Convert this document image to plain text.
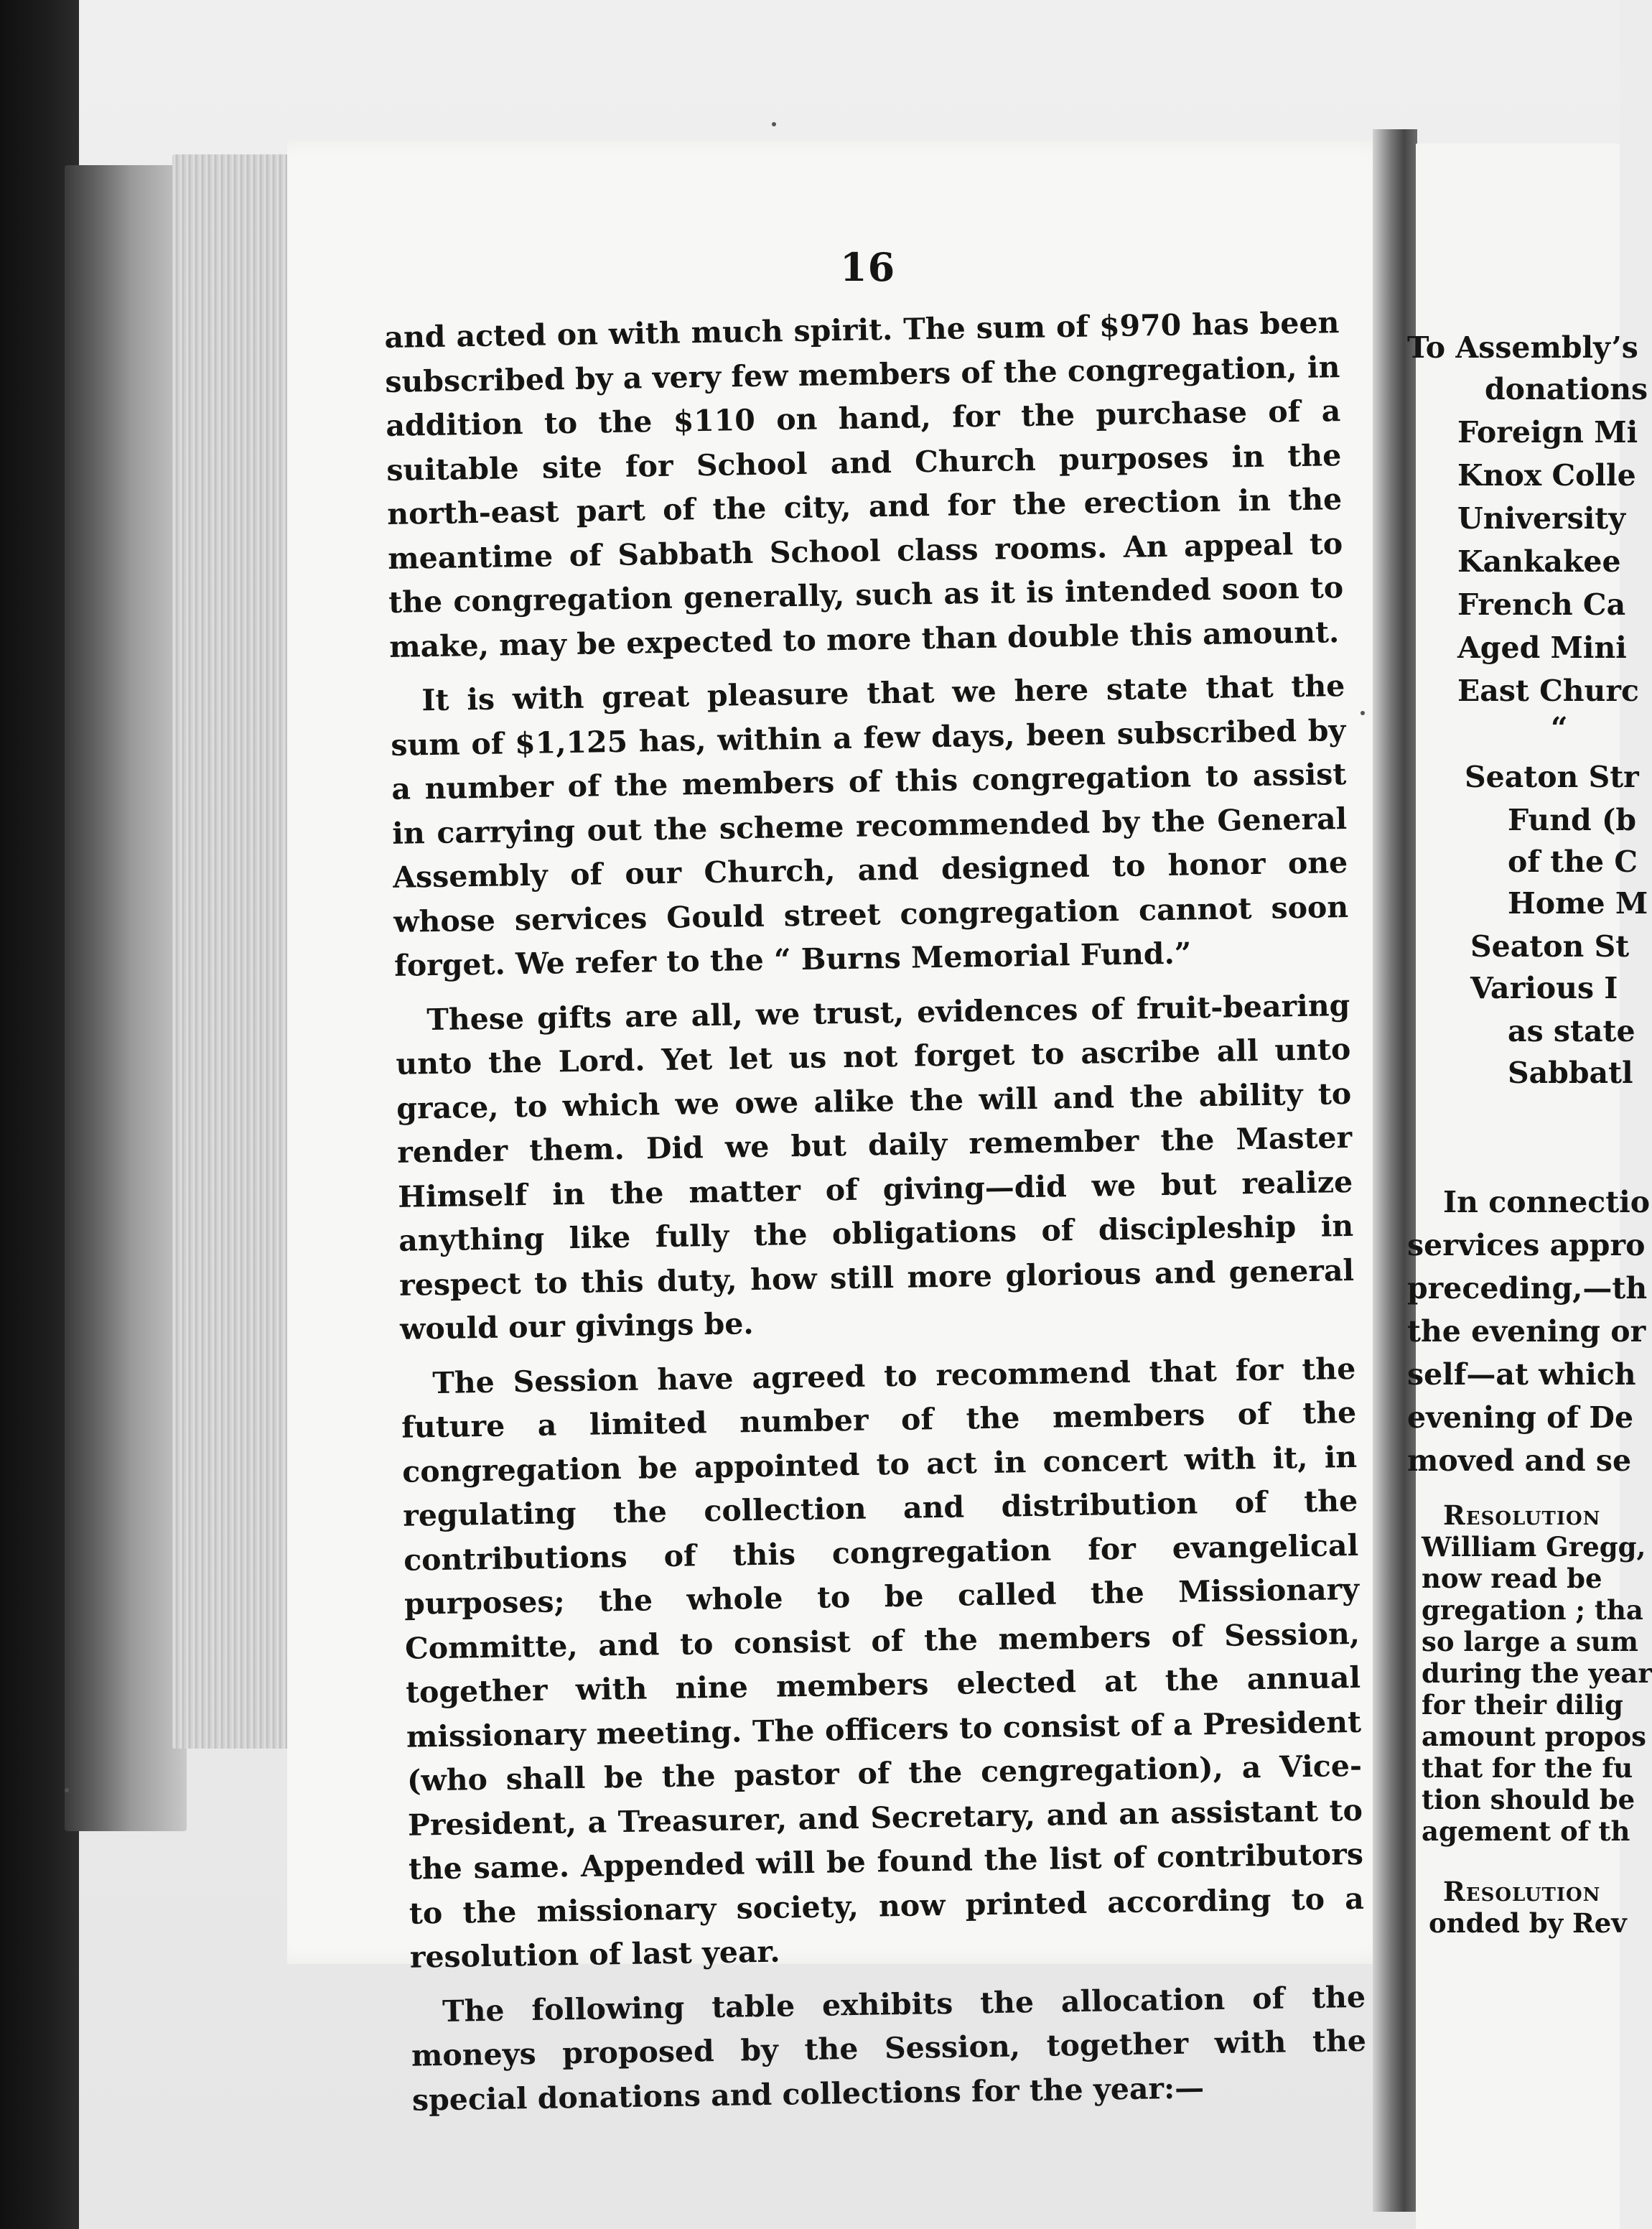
16

and acted on with much spirit. The sum of $970 has been subscribed by a very few members of the congregation, in addition to the $110 on hand, for the purchase of a suitable site for School and Church purposes in the north-east part of the city, and for the erection in the meantime of Sabbath School class rooms. An appeal to the congregation generally, such as it is intended soon to make, may be expected to more than double this amount.

It is with great pleasure that we here state that the sum of $1,125 has, within a few days, been subscribed by a number of the members of this congregation to assist in carrying out the scheme recommended by the General Assembly of our Church, and designed to honor one whose services Gould street congregation cannot soon forget. We refer to the “ Burns Memorial Fund.”

These gifts are all, we trust, evidences of fruit-bearing unto the Lord. Yet let us not forget to ascribe all unto grace, to which we owe alike the will and the ability to render them. Did we but daily remember the Master Himself in the matter of giving—did we but realize anything like fully the obligations of discipleship in respect to this duty, how still more glorious and general would our givings be.

The Session have agreed to recommend that for the future a limited number of the members of the congregation be appointed to act in concert with it, in regulating the collection and distribution of the contributions of this congregation for evangelical purposes; the whole to be called the Missionary Committe, and to consist of the members of Session, together with nine members elected at the annual missionary meeting. The officers to consist of a President (who shall be the pastor of the cengregation), a Vice-President, a Treasurer, and Secretary, and an assistant to the same. Appended will be found the list of contributors to the missionary society, now printed according to a resolution of last year.

The following table exhibits the allocation of the moneys proposed by the Session, together with the special donations and collections for the year:—

To Assembly’s
donations
Foreign Mi
Knox Colle
University
Kankakee
French Ca
Aged Mini
East Churc
“
Seaton Str
Fund (b
of the C
Home M
Seaton St
Various I
as state
Sabbatl
In connectio
services appro
preceding,—th
the evening or
self—at which
evening of De
moved and se
Resolution
William Gregg,
now read be
gregation ; tha
so large a sum
during the year
for their dilig
amount propos
that for the fu
tion should be
agement of th
Resolution
onded by Rev
